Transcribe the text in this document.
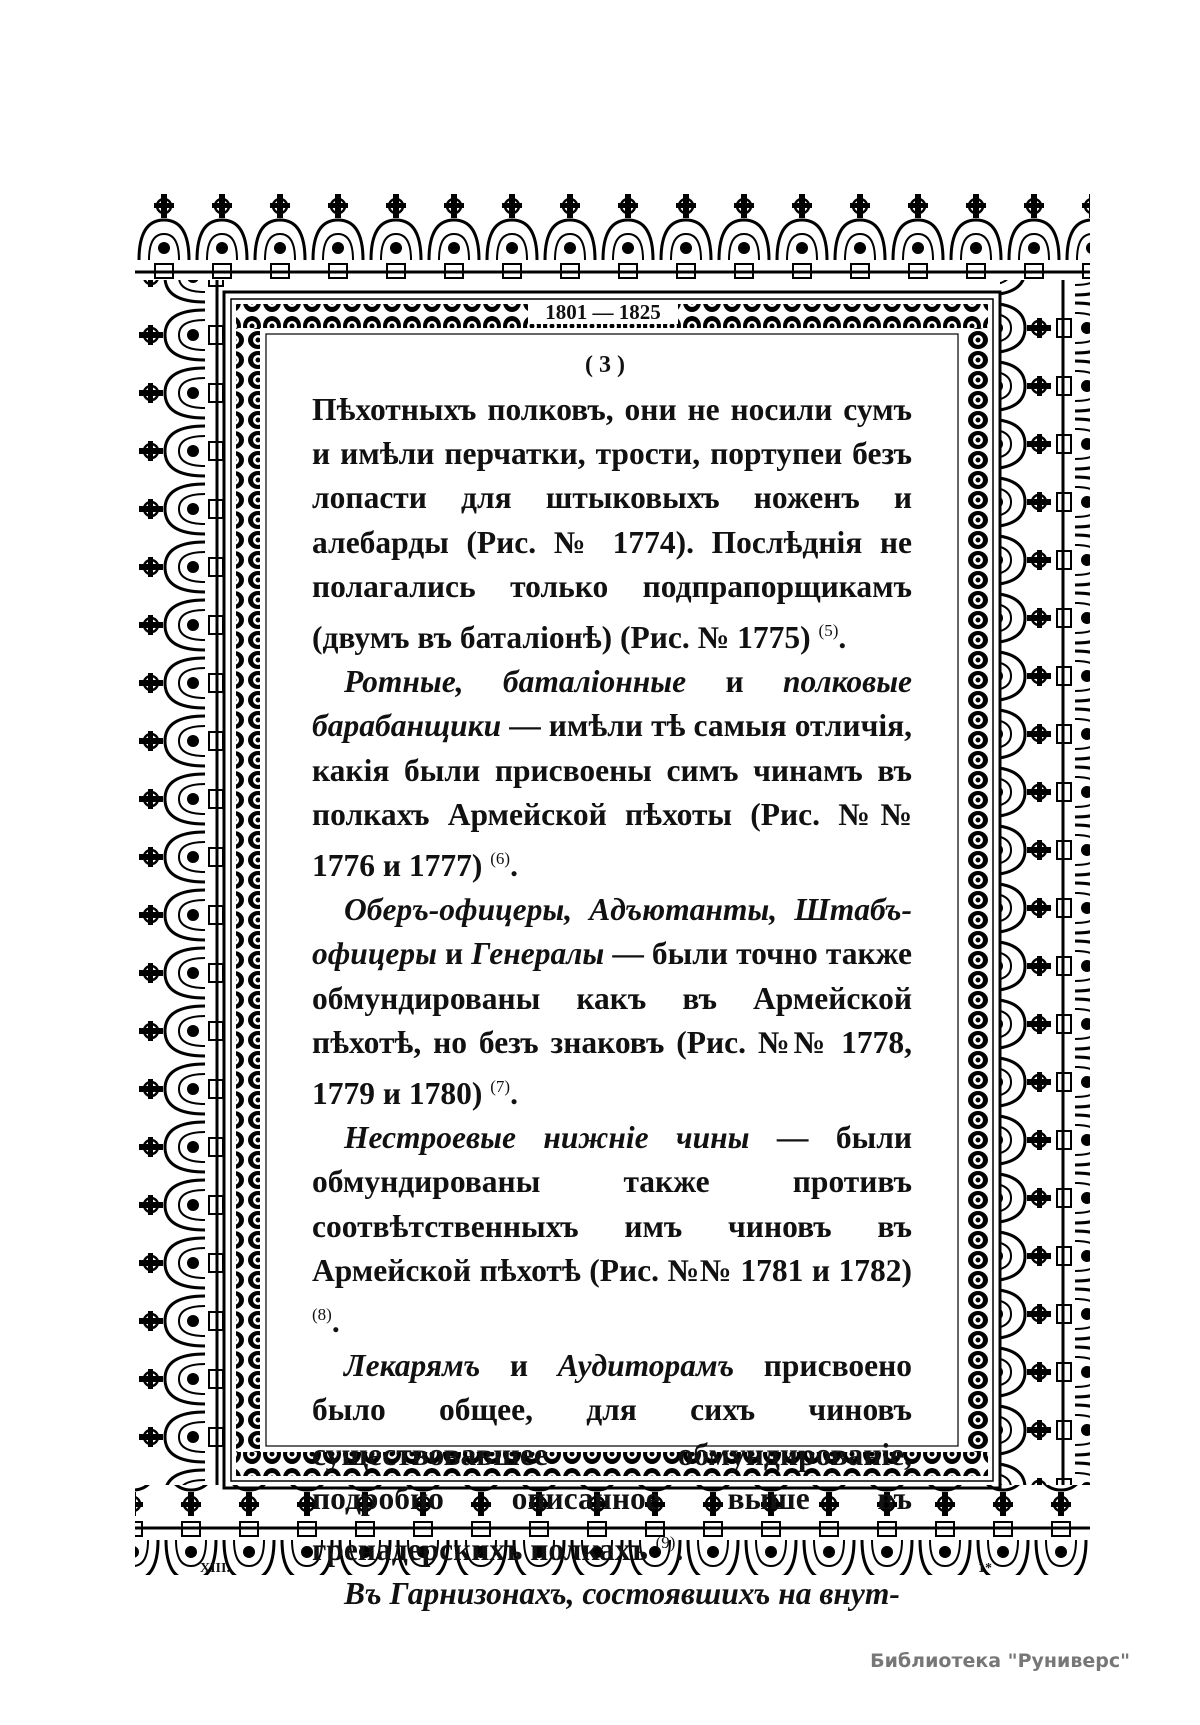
1801 — 1825
( 3 )

Пѣхотныхъ полковъ, они не носили сумъ и имѣли перчатки, трости, портупеи безъ лопасти для штыковыхъ ноженъ и алебарды (Рис. № 1774). Послѣднія не полагались только подпрапорщикамъ (двумъ въ баталіонѣ) (Рис. № 1775) $^{(5)}$.

Ротные, баталіонные и полковые барабанщики — имѣли тѣ самыя отличія, какія были присвоены симъ чинамъ въ полкахъ Армейской пѣхоты (Рис. №№ 1776 и 1777) $^{(6)}$.

Оберъ-офицеры, Адъютанты, Штабъ-офицеры и Генералы — были точно также обмундированы какъ въ Армейской пѣхотѣ, но безъ знаковъ (Рис. №№ 1778, 1779 и 1780) $^{(7)}$.

Нестроевые нижніе чины — были обмундированы также противъ соотвѣтственныхъ имъ чиновъ въ Армейской пѣхотѣ (Рис. №№ 1781 и 1782) $^{(8)}$.

Лекарямъ и Аудиторамъ присвоено было общее, для сихъ чиновъ существовавшее обмундированіе, подробно описанное выше въ гренадерскихъ полкахъ $^{(9)}$.

Въ Гарнизонахъ, состоявшихъ на внут-

XIII.	1*
Библиотека "Руниверс"
